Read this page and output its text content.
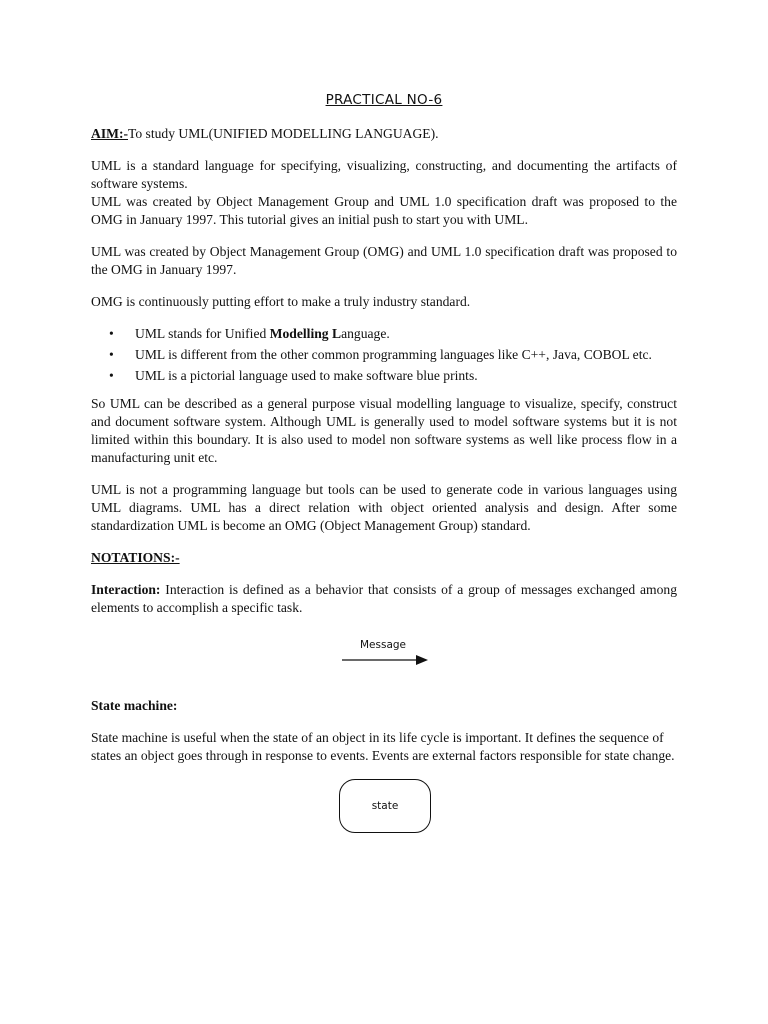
PRACTICAL NO-6

AIM:-To study UML(UNIFIED MODELLING LANGUAGE).

UML is a standard language for specifying, visualizing, constructing, and documenting the artifacts of software systems.

UML was created by Object Management Group and UML 1.0 specification draft was proposed to the OMG in January 1997. This tutorial gives an initial push to start you with UML.

UML was created by Object Management Group (OMG) and UML 1.0 specification draft was proposed to the OMG in January 1997.

OMG is continuously putting effort to make a truly industry standard.

• UML stands for Unified Modelling Language.
• UML is different from the other common programming languages like C++, Java, COBOL etc.
• UML is a pictorial language used to make software blue prints.

So UML can be described as a general purpose visual modelling language to visualize, specify, construct and document software system. Although UML is generally used to model software systems but it is not limited within this boundary. It is also used to model non software systems as well like process flow in a manufacturing unit etc.

UML is not a programming language but tools can be used to generate code in various languages using UML diagrams. UML has a direct relation with object oriented analysis and design. After some standardization UML is become an OMG (Object Management Group) standard.

NOTATIONS:-

Interaction: Interaction is defined as a behavior that consists of a group of messages exchanged among elements to accomplish a specific task.

Message

State machine:

State machine is useful when the state of an object in its life cycle is important. It defines the sequence of states an object goes through in response to events. Events are external factors responsible for state change.

state
